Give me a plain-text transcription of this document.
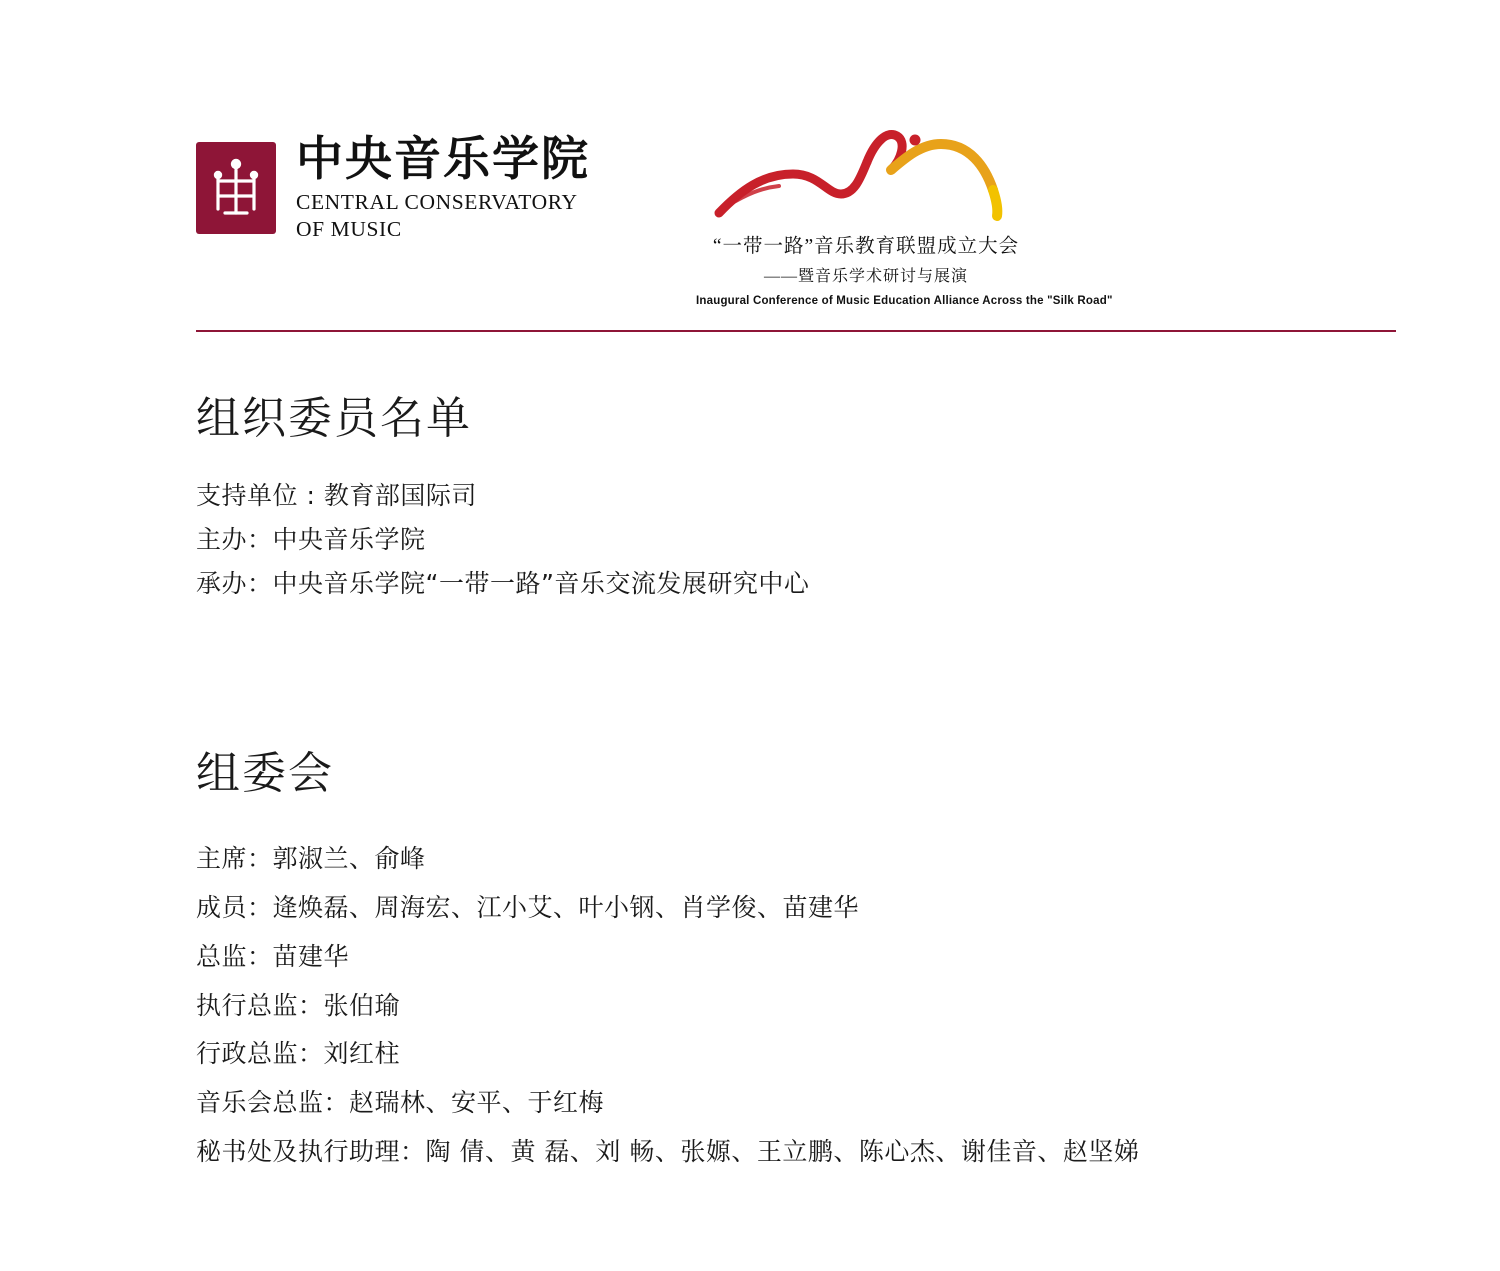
中央音乐学院
CENTRAL CONSERVATORY
OF MUSIC
“一带一路”音乐教育联盟成立大会
——暨音乐学术研讨与展演
Inaugural Conference of Music Education Alliance Across the "Silk Road"
组织委员名单
支持单位 : 教育部国际司
主办：中央音乐学院
承办：中央音乐学院“一带一路”音乐交流发展研究中心
组委会
主席：郭淑兰、俞峰
成员：逄焕磊、周海宏、江小艾、叶小钢、肖学俊、苗建华
总监：苗建华
执行总监：张伯瑜
行政总监：刘红柱
音乐会总监：赵瑞林、安平、于红梅
秘书处及执行助理：陶 倩、黄 磊、刘 畅、张嫄、王立鹏、陈心杰、谢佳音、赵坚娣
